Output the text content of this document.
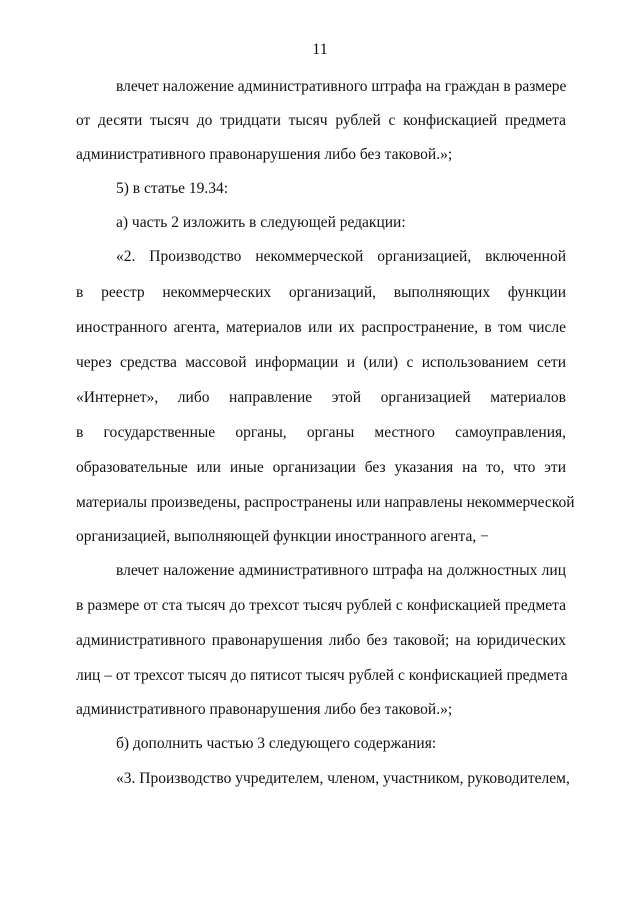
11
влечет наложение административного штрафа на граждан в размере
от десяти тысяч до тридцати тысяч рублей с конфискацией предмета
административного правонарушения либо без таковой.»;
5) в статье 19.34:
а) часть 2 изложить в следующей редакции:
«2. Производство некоммерческой организацией, включенной
в реестр некоммерческих организаций, выполняющих функции
иностранного агента, материалов или их распространение, в том числе
через средства массовой информации и (или) с использованием сети
«Интернет», либо направление этой организацией материалов
в государственные органы, органы местного самоуправления,
образовательные или иные организации без указания на то, что эти
материалы произведены, распространены или направлены некоммерческой
организацией, выполняющей функции иностранного агента, −
влечет наложение административного штрафа на должностных лиц
в размере от ста тысяч до трехсот тысяч рублей с конфискацией предмета
административного правонарушения либо без таковой; на юридических
лиц – от трехсот тысяч до пятисот тысяч рублей с конфискацией предмета
административного правонарушения либо без таковой.»;
б) дополнить частью 3 следующего содержания:
«3. Производство учредителем, членом, участником, руководителем,
